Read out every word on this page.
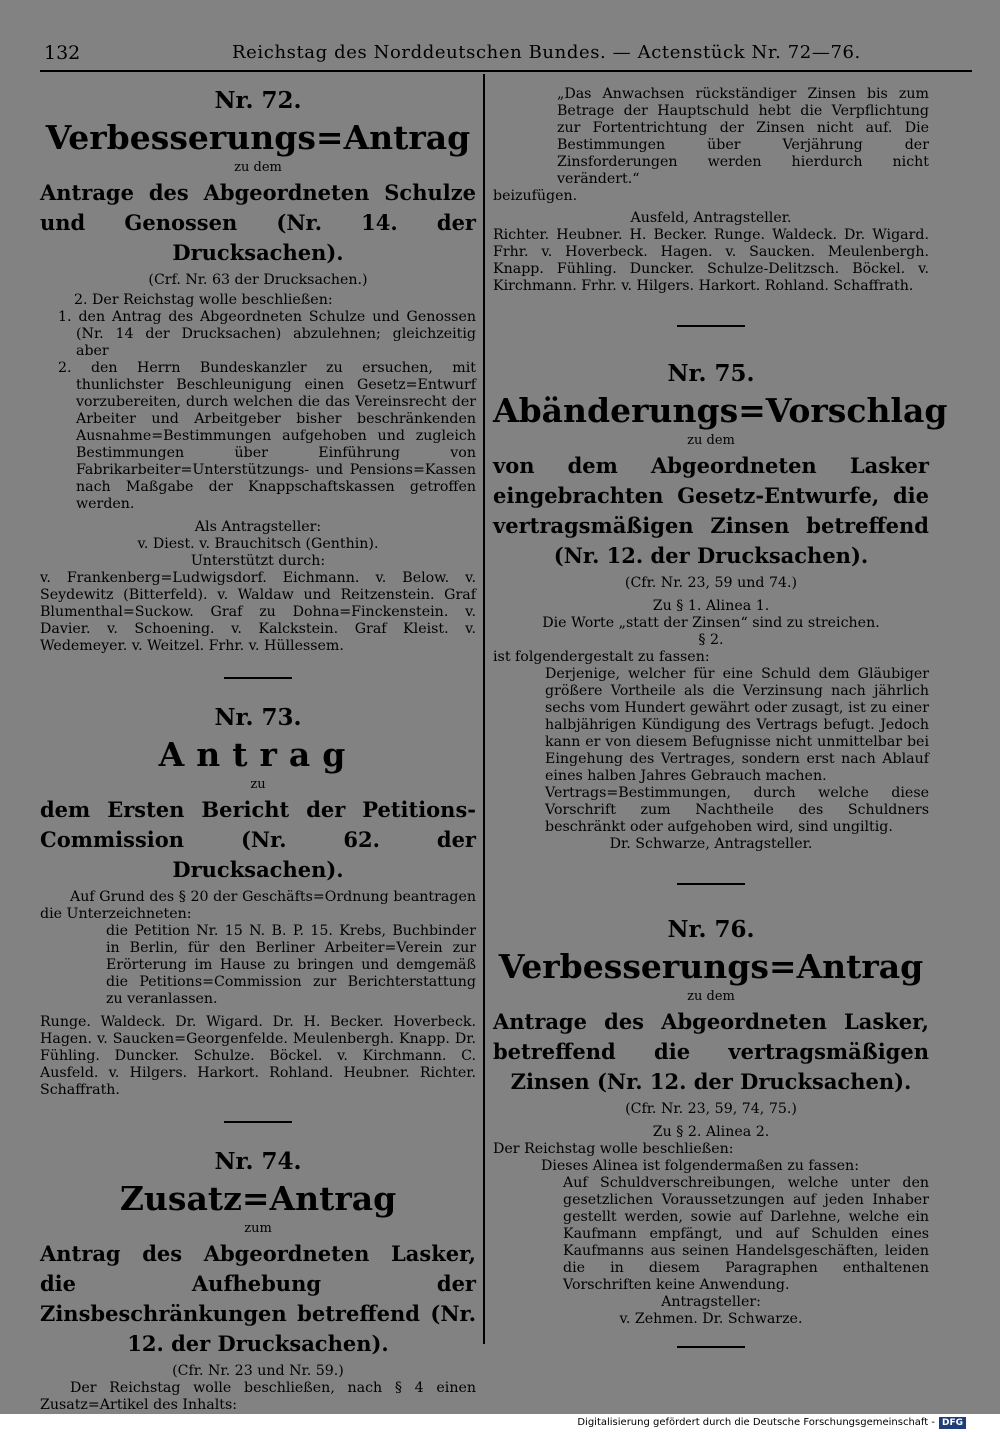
132	Reichstag des Norddeutschen Bundes. — Actenstück Nr. 72—76.
Nr. 72.
Verbesserungs=Antrag
zu dem
Antrage des Abgeordneten Schulze und Genossen (Nr. 14. der Drucksachen).

(Crf. Nr. 63 der Drucksachen.)

2. Der Reichstag wolle beschließen:

1. den Antrag des Abgeordneten Schulze und Genossen (Nr. 14 der Drucksachen) abzulehnen; gleichzeitig aber

2. den Herrn Bundeskanzler zu ersuchen, mit thunlichster Beschleunigung einen Gesetz=Entwurf vorzubereiten, durch welchen die das Vereinsrecht der Arbeiter und Arbeitgeber bisher beschränkenden Ausnahme=Bestimmungen aufgehoben und zugleich Bestimmungen über Einführung von Fabrikarbeiter=Unterstützungs- und Pensions=Kassen nach Maßgabe der Knappschaftskassen getroffen werden.

Als Antragsteller:

v. Diest. v. Brauchitsch (Genthin).

Unterstützt durch:

v. Frankenberg=Ludwigsdorf. Eichmann. v. Below. v. Seydewitz (Bitterfeld). v. Waldaw und Reitzenstein. Graf Blumenthal=Suckow. Graf zu Dohna=Finckenstein. v. Davier. v. Schoening. v. Kalckstein. Graf Kleist. v. Wedemeyer. v. Weitzel. Frhr. v. Hüllessem.

Nr. 73.
Antrag
zu
dem Ersten Bericht der Petitions-Commission (Nr. 62. der Drucksachen).

Auf Grund des § 20 der Geschäfts=Ordnung beantragen die Unterzeichneten:

die Petition Nr. 15 N. B. P. 15. Krebs, Buchbinder in Berlin, für den Berliner Arbeiter=Verein zur Erörterung im Hause zu bringen und demgemäß die Petitions=Commission zur Berichterstattung zu veranlassen.

Runge. Waldeck. Dr. Wigard. Dr. H. Becker. Hoverbeck. Hagen. v. Saucken=Georgenfelde. Meulenbergh. Knapp. Dr. Fühling. Duncker. Schulze. Böckel. v. Kirchmann. C. Ausfeld. v. Hilgers. Harkort. Rohland. Heubner. Richter. Schaffrath.

Nr. 74.
Zusatz=Antrag
zum
Antrag des Abgeordneten Lasker, die Aufhebung der Zinsbeschränkungen betreffend (Nr. 12. der Drucksachen).

(Cfr. Nr. 23 und Nr. 59.)

Der Reichstag wolle beschließen, nach § 4 einen Zusatz=Artikel des Inhalts:

„Das Anwachsen rückständiger Zinsen bis zum Betrage der Hauptschuld hebt die Verpflichtung zur Fortentrichtung der Zinsen nicht auf. Die Bestimmungen über Verjährung der Zinsforderungen werden hierdurch nicht verändert.“

beizufügen.

Ausfeld, Antragsteller.

Richter. Heubner. H. Becker. Runge. Waldeck. Dr. Wigard. Frhr. v. Hoverbeck. Hagen. v. Saucken. Meulenbergh. Knapp. Fühling. Duncker. Schulze-Delitzsch. Böckel. v. Kirchmann. Frhr. v. Hilgers. Harkort. Rohland. Schaffrath.

Nr. 75.
Abänderungs=Vorschlag
zu dem
von dem Abgeordneten Lasker eingebrachten Gesetz-Entwurfe, die vertragsmäßigen Zinsen betreffend (Nr. 12. der Drucksachen).

(Cfr. Nr. 23, 59 und 74.)

Zu § 1. Alinea 1.

Die Worte „statt der Zinsen“ sind zu streichen.

§ 2.

ist folgendergestalt zu fassen:

Derjenige, welcher für eine Schuld dem Gläubiger größere Vortheile als die Verzinsung nach jährlich sechs vom Hundert gewährt oder zusagt, ist zu einer halbjährigen Kündigung des Vertrags befugt. Jedoch kann er von diesem Befugnisse nicht unmittelbar bei Eingehung des Vertrages, sondern erst nach Ablauf eines halben Jahres Gebrauch machen.

Vertrags=Bestimmungen, durch welche diese Vorschrift zum Nachtheile des Schuldners beschränkt oder aufgehoben wird, sind ungiltig.

Dr. Schwarze, Antragsteller.

Nr. 76.
Verbesserungs=Antrag
zu dem
Antrage des Abgeordneten Lasker, betreffend die vertragsmäßigen Zinsen (Nr. 12. der Drucksachen).

(Cfr. Nr. 23, 59, 74, 75.)

Zu § 2. Alinea 2.

Der Reichstag wolle beschließen:

Dieses Alinea ist folgendermaßen zu fassen:

Auf Schuldverschreibungen, welche unter den gesetzlichen Voraussetzungen auf jeden Inhaber gestellt werden, sowie auf Darlehne, welche ein Kaufmann empfängt, und auf Schulden eines Kaufmanns aus seinen Handelsgeschäften, leiden die in diesem Paragraphen enthaltenen Vorschriften keine Anwendung.

Antragsteller:

v. Zehmen. Dr. Schwarze.

Digitalisierung gefördert durch die Deutsche Forschungsgemeinschaft - DFG
